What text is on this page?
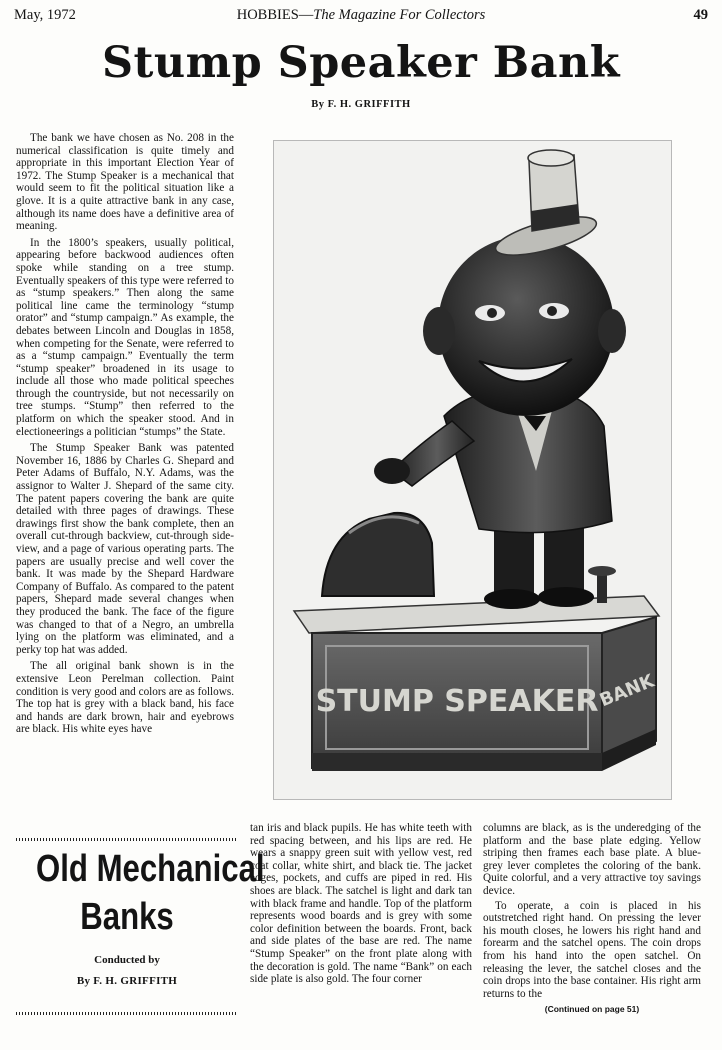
May, 1972	HOBBIES—The Magazine For Collectors	49
Stump Speaker Bank
By F. H. GRIFFITH

The bank we have chosen as No. 208 in the numerical classification is quite timely and appropriate in this important Election Year of 1972. The Stump Speaker is a mechanical that would seem to fit the political situation like a glove. It is a quite attractive bank in any case, although its name does have a definitive area of meaning.

In the 1800’s speakers, usually political, appearing before backwood audiences often spoke while standing on a tree stump. Eventually speakers of this type were referred to as “stump speakers.” Then along the same political line came the terminology “stump orator” and “stump campaign.” As example, the debates between Lincoln and Douglas in 1858, when competing for the Senate, were referred to as a “stump campaign.” Eventually the term “stump speaker” broadened in its usage to include all those who made political speeches through the countryside, but not necessarily on tree stumps. “Stump” then referred to the platform on which the speaker stood. And in electioneerings a politician “stumps” the State.

The Stump Speaker Bank was patented November 16, 1886 by Charles G. Shepard and Peter Adams of Buffalo, N.Y. Adams, was the assignor to Walter J. Shepard of the same city. The patent papers covering the bank are quite detailed with three pages of drawings. These drawings first show the bank complete, then an overall cut-through backview, cut-through side-view, and a page of various operating parts. The papers are usually precise and well cover the bank. It was made by the Shepard Hardware Company of Buffalo. As compared to the patent papers, Shepard made several changes when they produced the bank. The face of the figure was changed to that of a Negro, an umbrella lying on the platform was eliminated, and a perky top hat was added.

The all original bank shown is in the extensive Leon Perelman collection. Paint condition is very good and colors are as follows. The top hat is grey with a black band, his face and hands are dark brown, hair and eyebrows are black. His white eyes have

STUMP SPEAKER
BANK

tan iris and black pupils. He has white teeth with red spacing between, and his lips are red. He wears a snappy green suit with yellow vest, red coat collar, white shirt, and black tie. The jacket edges, pockets, and cuffs are piped in red. His shoes are black. The satchel is light and dark tan with black frame and handle. Top of the platform represents wood boards and is grey with some color definition between the boards. Front, back and side plates of the base are red. The name “Stump Speaker” on the front plate along with the decoration is gold. The name “Bank” on each side plate is also gold. The four corner

columns are black, as is the underedging of the platform and the base plate edging. Yellow striping then frames each base plate. A blue-grey lever completes the coloring of the bank. Quite colorful, and a very attractive toy savings device.

To operate, a coin is placed in his outstretched right hand. On pressing the lever his mouth closes, he lowers his right hand and forearm and the satchel opens. The coin drops from his hand into the open satchel. On releasing the lever, the satchel closes and the coin drops into the base container. His right arm returns to the

(Continued on page 51)
Old Mechanical
Banks
Conducted by
By F. H. GRIFFITH
